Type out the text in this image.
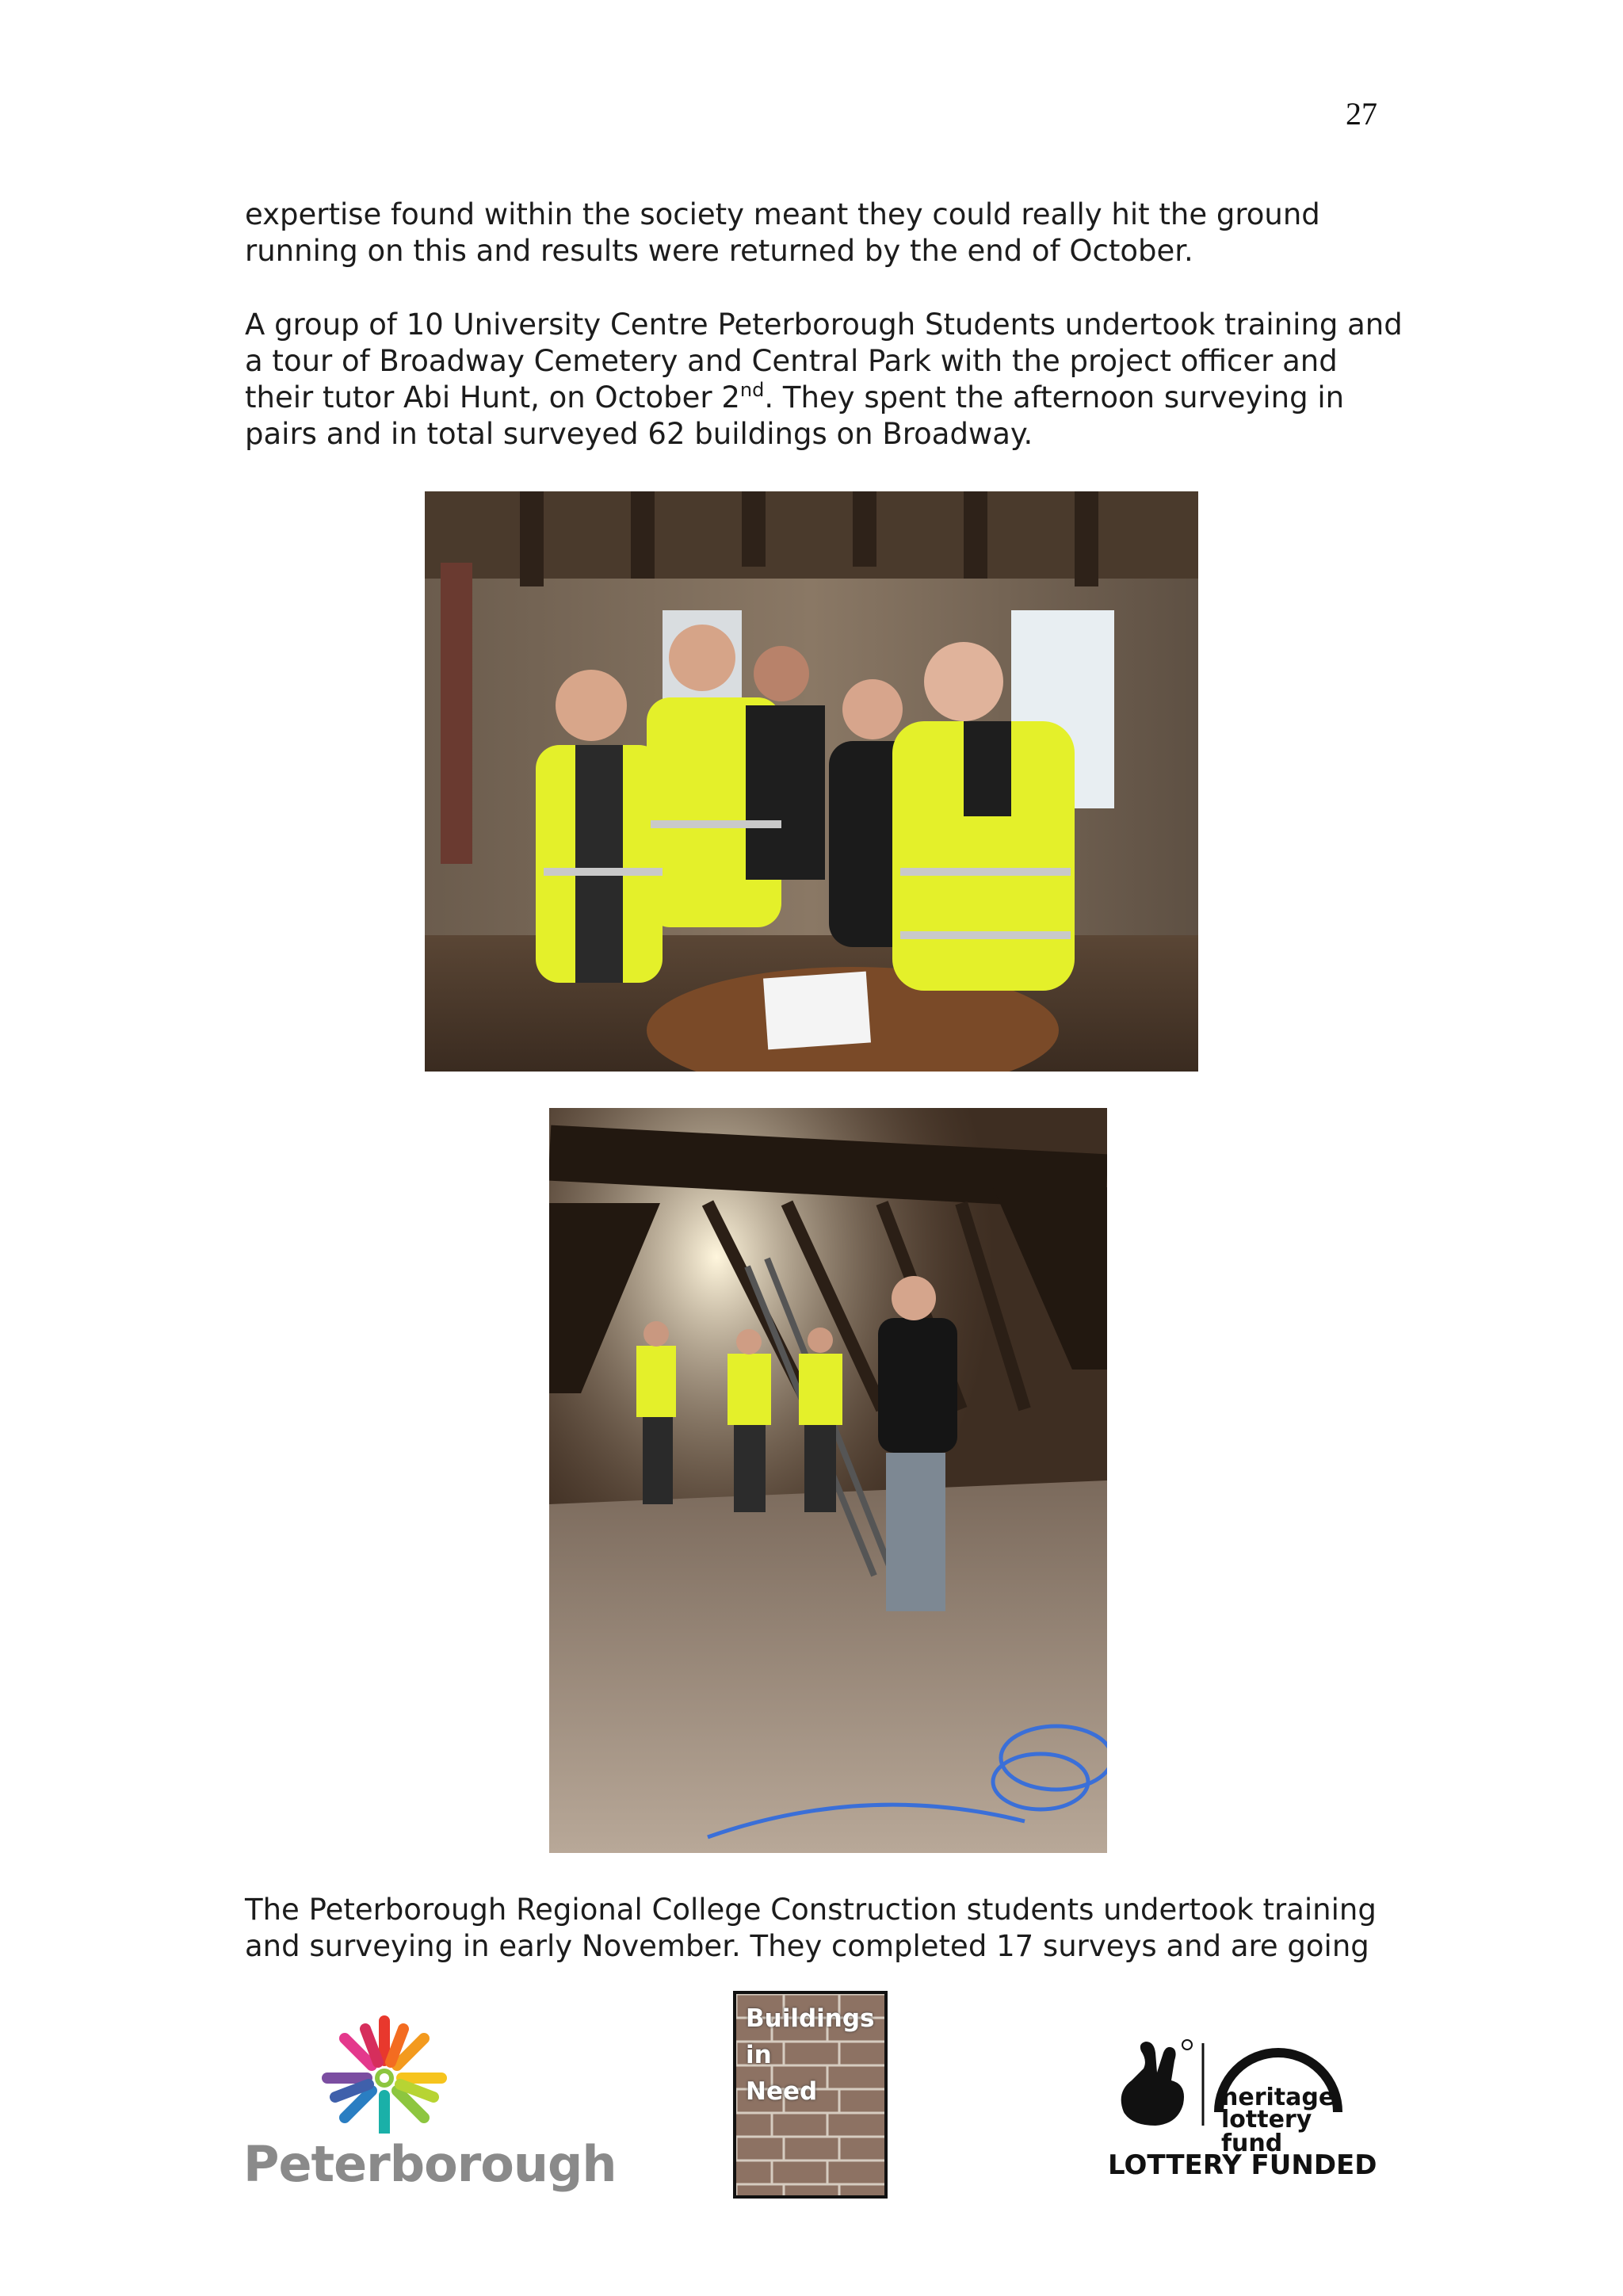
27

expertise found within the society meant they could really hit the ground
running on this and results were returned by the end of October.

A group of 10 University Centre Peterborough Students undertook training and
a tour of Broadway Cemetery and Central Park with the project officer and
their tutor Abi Hunt, on October 2nd. They spent the afternoon surveying in
pairs and in total surveyed 62 buildings on Broadway.

The Peterborough Regional College Construction students undertook training
and surveying in early November. They completed 17 surveys and are going

Peterborough
Buildings
in
Need	heritage
lottery fund
LOTTERY FUNDED
